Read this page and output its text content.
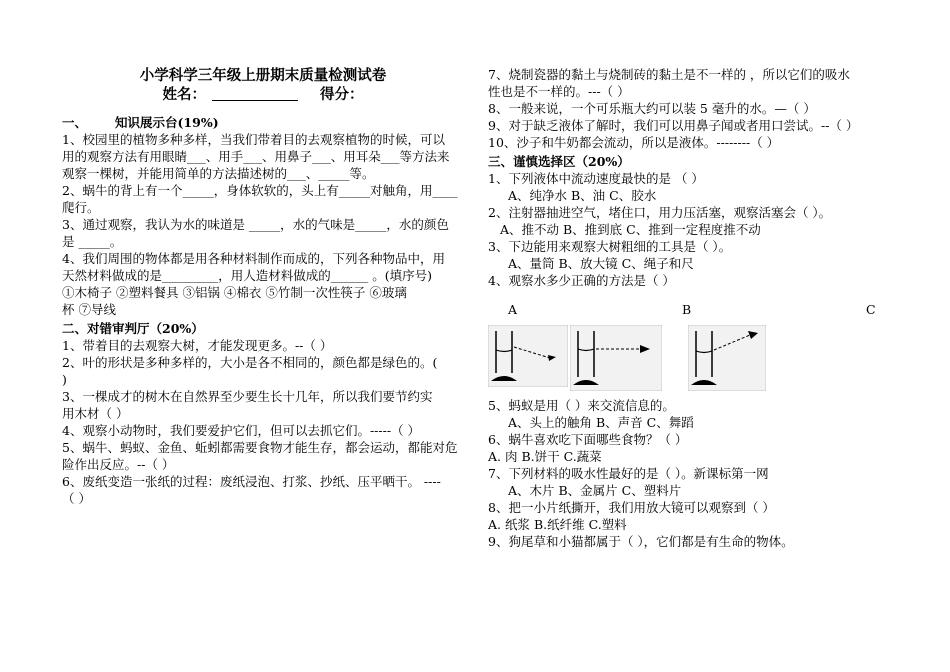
小学科学三年级上册期末质量检测试卷
姓名：	得分：
一、 知识展示台(19%)

1、校园里的植物多种多样，当我们带着目的去观察植物的时候，可以

用的观察方法有用眼睛___、用手___、用鼻子___、用耳朵___等方法来

观察一棵树，并能用简单的方法描述树的___、_____等。

2、蜗牛的背上有一个_____，身体软软的，头上有_____对触角，用____

爬行。

3、通过观察，我认为水的味道是 _____，水的气味是_____，水的颜色

是 _____。

4、我们周围的物体都是用各种材料制作而成的，下列各种物品中，用

天然材料做成的是_________，用人造材料做成的______ 。(填序号)

①木椅子 ②塑料餐具 ③铝锅 ④棉衣 ⑤竹制一次性筷子 ⑥玻璃

杯 ⑦导线

二、对错审判厅（20%）

1、带着目的去观察大树，才能发现更多。--（ ）

2、叶的形状是多种多样的，大小是各不相同的，颜色都是绿色的。(

)

3、一棵成才的树木在自然界至少要生长十几年，所以我们要节约实

用木材（ ）

4、观察小动物时，我们要爱护它们，但可以去抓它们。-----（ ）

5、蜗牛、蚂蚁、金鱼、蚯蚓都需要食物才能生存，都会运动，都能对危

险作出反应。--（ ）

6、废纸变造一张纸的过程：废纸浸泡、打浆、抄纸、压平晒干。 ----

（ ）

7、烧制瓷器的黏土与烧制砖的黏土是不一样的 ，所以它们的吸水

性也是不一样的。---（ ）

8、一般来说，一个可乐瓶大约可以装 5 毫升的水。—（ ）

9、对于缺乏液体了解时，我们可以用鼻子闻或者用口尝试。--（ ）

10、沙子和牛奶都会流动，所以是液体。--------（ ）

三、谨慎选择区（20%）

1、下列液体中流动速度最快的是 （ ）

A、纯净水 B、油 C、胶水

2、注射器抽进空气，堵住口，用力压活塞，观察活塞会（ ）。

A、推不动 B、推到底 C、推到一定程度推不动

3、下边能用来观察大树粗细的工具是（ ）。

A、量筒 B、放大镜 C、绳子和尺

4、观察水多少正确的方法是（ ）

A	B	C

5、蚂蚁是用（ ）来交流信息的。

A、头上的触角 B、声音 C、舞蹈

6、蜗牛喜欢吃下面哪些食物？（ ）

A. 肉 B.饼干 C.蔬菜

7、下列材料的吸水性最好的是（ ）。新课标第一网

A、木片 B、金属片 C、塑料片

8、把一小片纸撕开，我们用放大镜可以观察到（ ）

A. 纸浆 B.纸纤维 C.塑料

9、狗尾草和小猫都属于（ ），它们都是有生命的物体。
